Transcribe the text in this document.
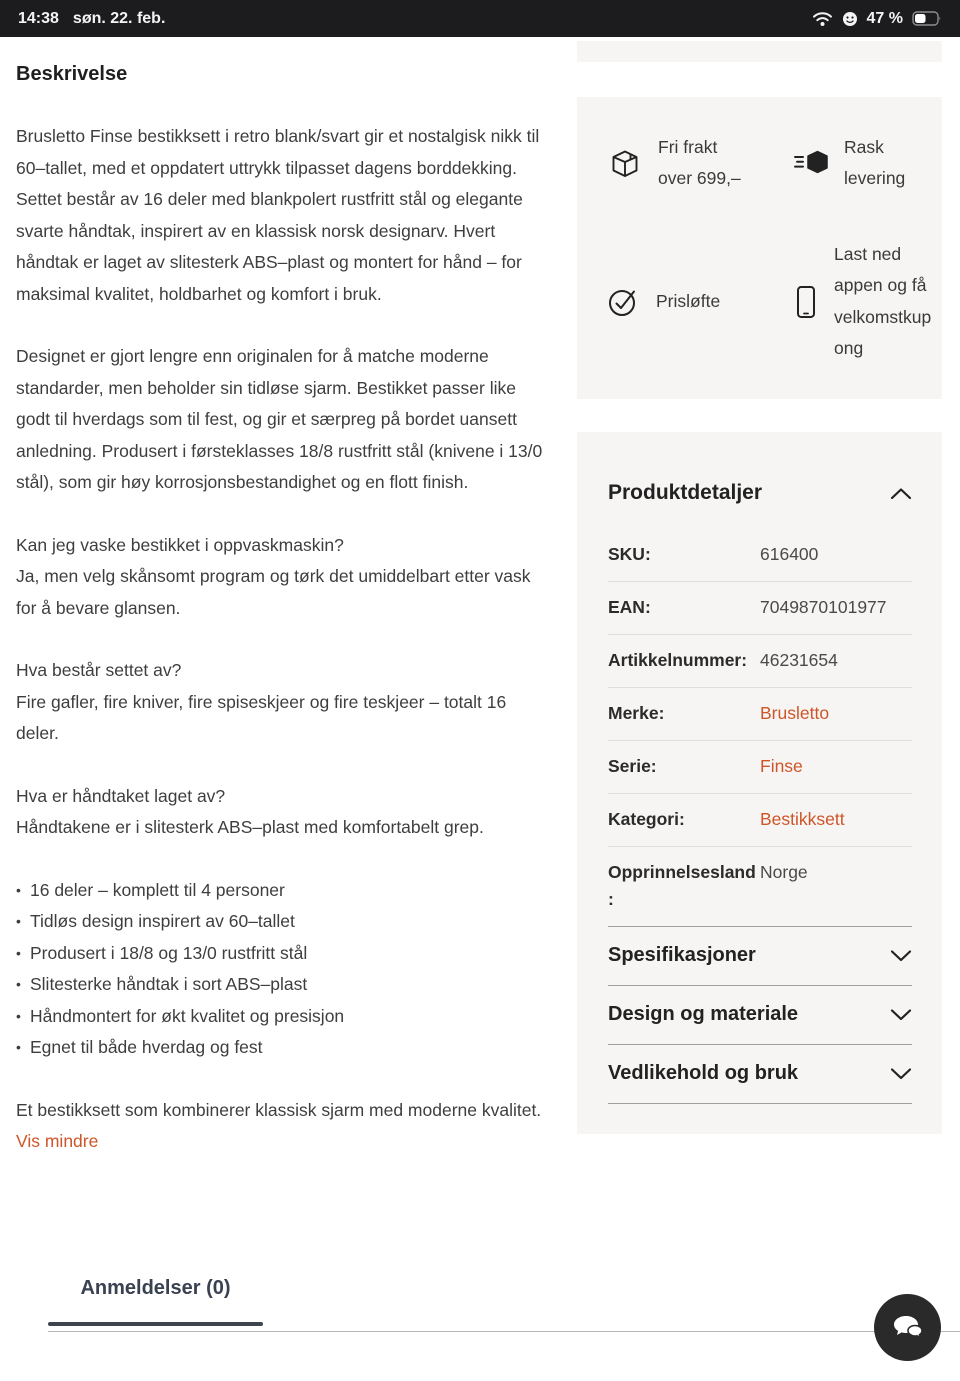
14:38 søn. 22. feb.	47 %
Beskrivelse

Brusletto Finse bestikksett i retro blank/svart gir et nostalgisk nikk til 60–tallet, med et oppdatert uttrykk tilpasset dagens borddekking. Settet består av 16 deler med blankpolert rustfritt stål og elegante svarte håndtak, inspirert av en klassisk norsk designarv. Hvert håndtak er laget av slitesterk ABS–plast og montert for hånd – for maksimal kvalitet, holdbarhet og komfort i bruk.

Designet er gjort lengre enn originalen for å matche moderne standarder, men beholder sin tidløse sjarm. Bestikket passer like godt til hverdags som til fest, og gir et særpreg på bordet uansett anledning. Produsert i førsteklasses 18/8 rustfritt stål (knivene i 13/0 stål), som gir høy korrosjonsbestandighet og en flott finish.

Kan jeg vaske bestikket i oppvaskmaskin?
Ja, men velg skånsomt program og tørk det umiddelbart etter vask for å bevare glansen.
Hva består settet av?
Fire gafler, fire kniver, fire spiseskjeer og fire teskjeer – totalt 16 deler.
Hva er håndtaket laget av?
Håndtakene er i slitesterk ABS–plast med komfortabelt grep.
• 16 deler – komplett til 4 personer
• Tidløs design inspirert av 60–tallet
• Produsert i 18/8 og 13/0 rustfritt stål
• Slitesterke håndtak i sort ABS–plast
• Håndmontert for økt kvalitet og presisjon
• Egnet til både hverdag og fest
Et bestikksett som kombinerer klassisk sjarm med moderne kvalitet.
Vis mindre
Anmeldelser (0)
Fri frakt over 699,–
Rask levering
Prisløfte
Last ned appen og få velkomstkupong
Produktdetaljer
SKU:	616400
EAN:	7049870101977
Artikkelnummer: 46231654
Merke:	Brusletto
Serie:	Finse
Kategori:	Bestikksett
Opprinnelsesland:
Norge
Spesifikasjoner
Design og materiale
Vedlikehold og bruk
